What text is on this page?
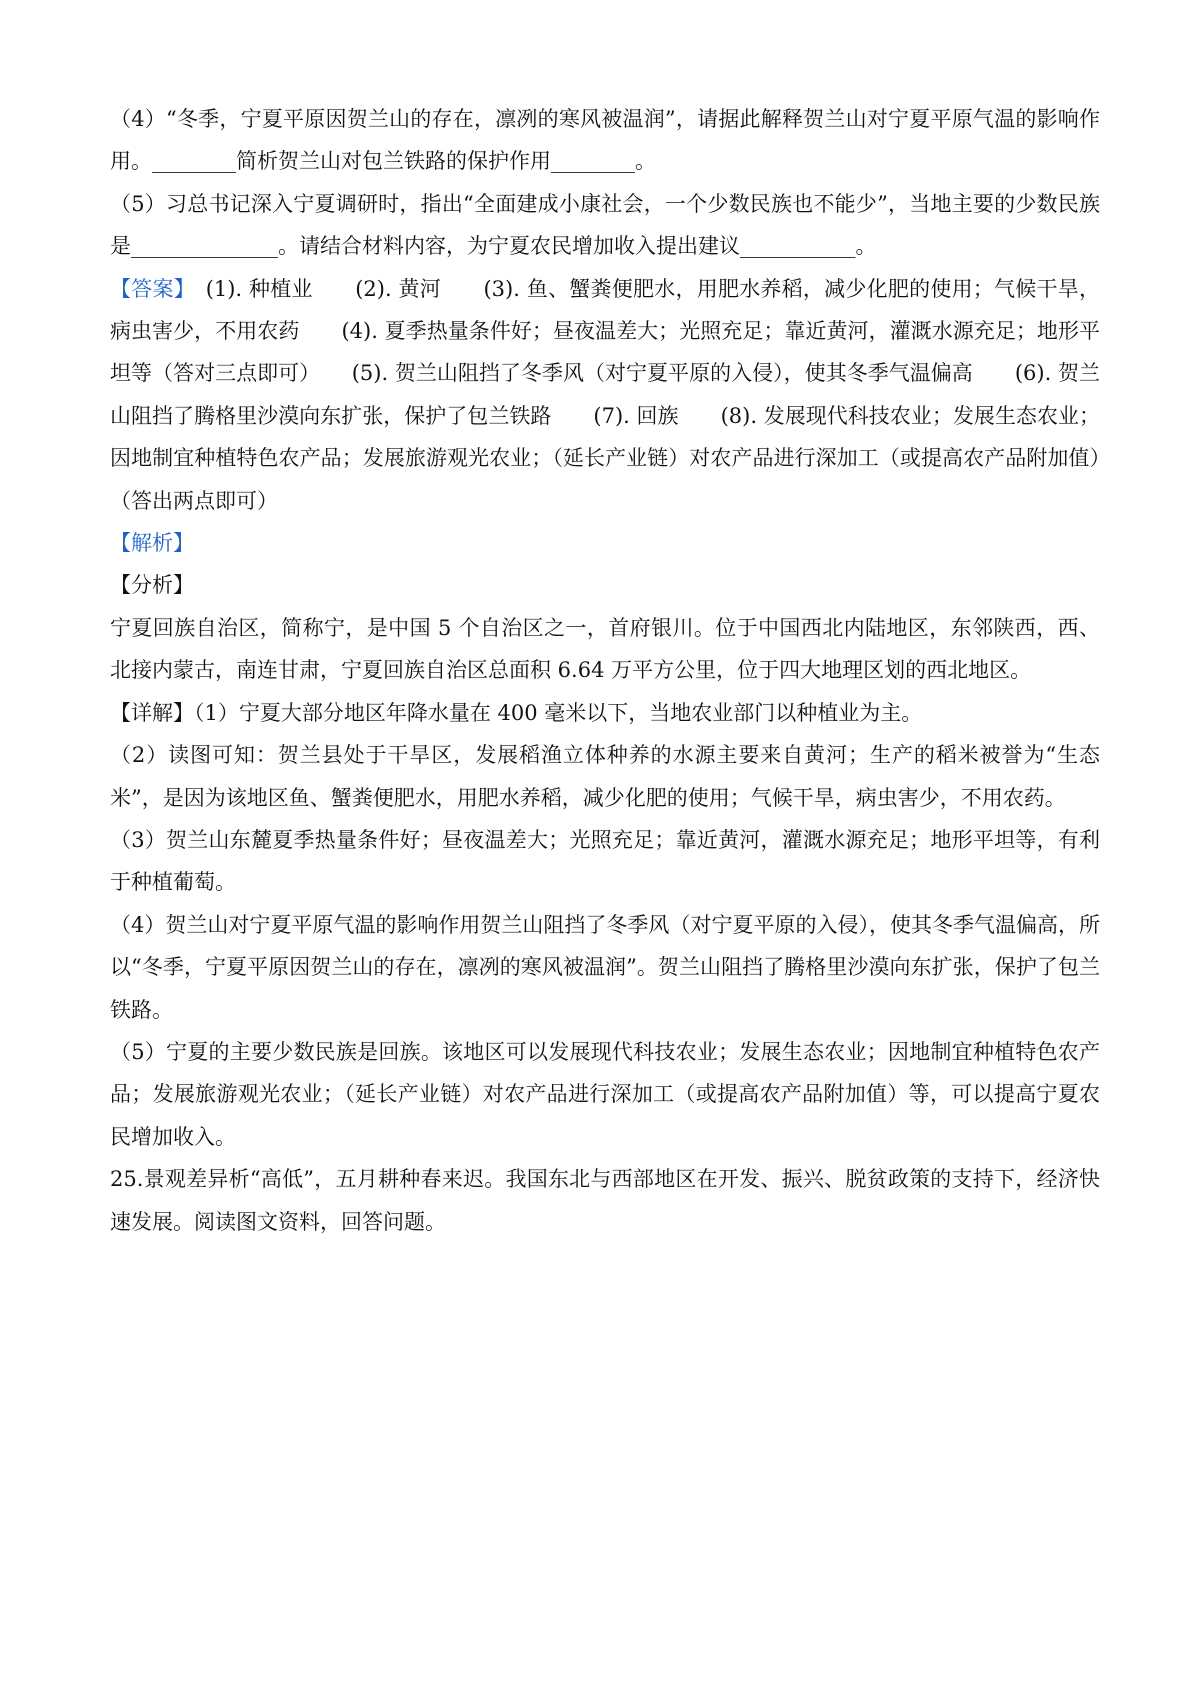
（4）“冬季，宁夏平原因贺兰山的存在，凛冽的寒风被温润”，请据此解释贺兰山对宁夏平原气温的影响作用。________简析贺兰山对包兰铁路的保护作用________。

（5）习总书记深入宁夏调研时，指出“全面建成小康社会，一个少数民族也不能少”，当地主要的少数民族是______________。请结合材料内容，为宁夏农民增加收入提出建议___________。

【答案】　(1). 种植业　　(2). 黄河　　(3). 鱼、蟹粪便肥水，用肥水养稻，减少化肥的使用；气候干旱，病虫害少，不用农药　　(4). 夏季热量条件好；昼夜温差大；光照充足；靠近黄河，灌溉水源充足；地形平坦等（答对三点即可）　　(5). 贺兰山阻挡了冬季风（对宁夏平原的入侵），使其冬季气温偏高　　(6). 贺兰山阻挡了腾格里沙漠向东扩张，保护了包兰铁路　　(7). 回族　　(8). 发展现代科技农业；发展生态农业；因地制宜种植特色农产品；发展旅游观光农业；（延长产业链）对农产品进行深加工（或提高农产品附加值）（答出两点即可）

【解析】

【分析】

宁夏回族自治区，简称宁，是中国 5 个自治区之一，首府银川。位于中国西北内陆地区，东邻陕西，西、北接内蒙古，南连甘肃，宁夏回族自治区总面积 6.64 万平方公里，位于四大地理区划的西北地区。

【详解】（1）宁夏大部分地区年降水量在 400 毫米以下，当地农业部门以种植业为主。

（2）读图可知：贺兰县处于干旱区，发展稻渔立体种养的水源主要来自黄河；生产的稻米被誉为“生态米”，是因为该地区鱼、蟹粪便肥水，用肥水养稻，减少化肥的使用；气候干旱，病虫害少，不用农药。

（3）贺兰山东麓夏季热量条件好；昼夜温差大；光照充足；靠近黄河，灌溉水源充足；地形平坦等，有利于种植葡萄。

（4）贺兰山对宁夏平原气温的影响作用贺兰山阻挡了冬季风（对宁夏平原的入侵），使其冬季气温偏高，所以“冬季，宁夏平原因贺兰山的存在，凛冽的寒风被温润”。贺兰山阻挡了腾格里沙漠向东扩张，保护了包兰铁路。

（5）宁夏的主要少数民族是回族。该地区可以发展现代科技农业；发展生态农业；因地制宜种植特色农产品；发展旅游观光农业；（延长产业链）对农产品进行深加工（或提高农产品附加值）等，可以提高宁夏农民增加收入。

25.景观差异析“高低”，五月耕种春来迟。我国东北与西部地区在开发、振兴、脱贫政策的支持下，经济快速发展。阅读图文资料，回答问题。
